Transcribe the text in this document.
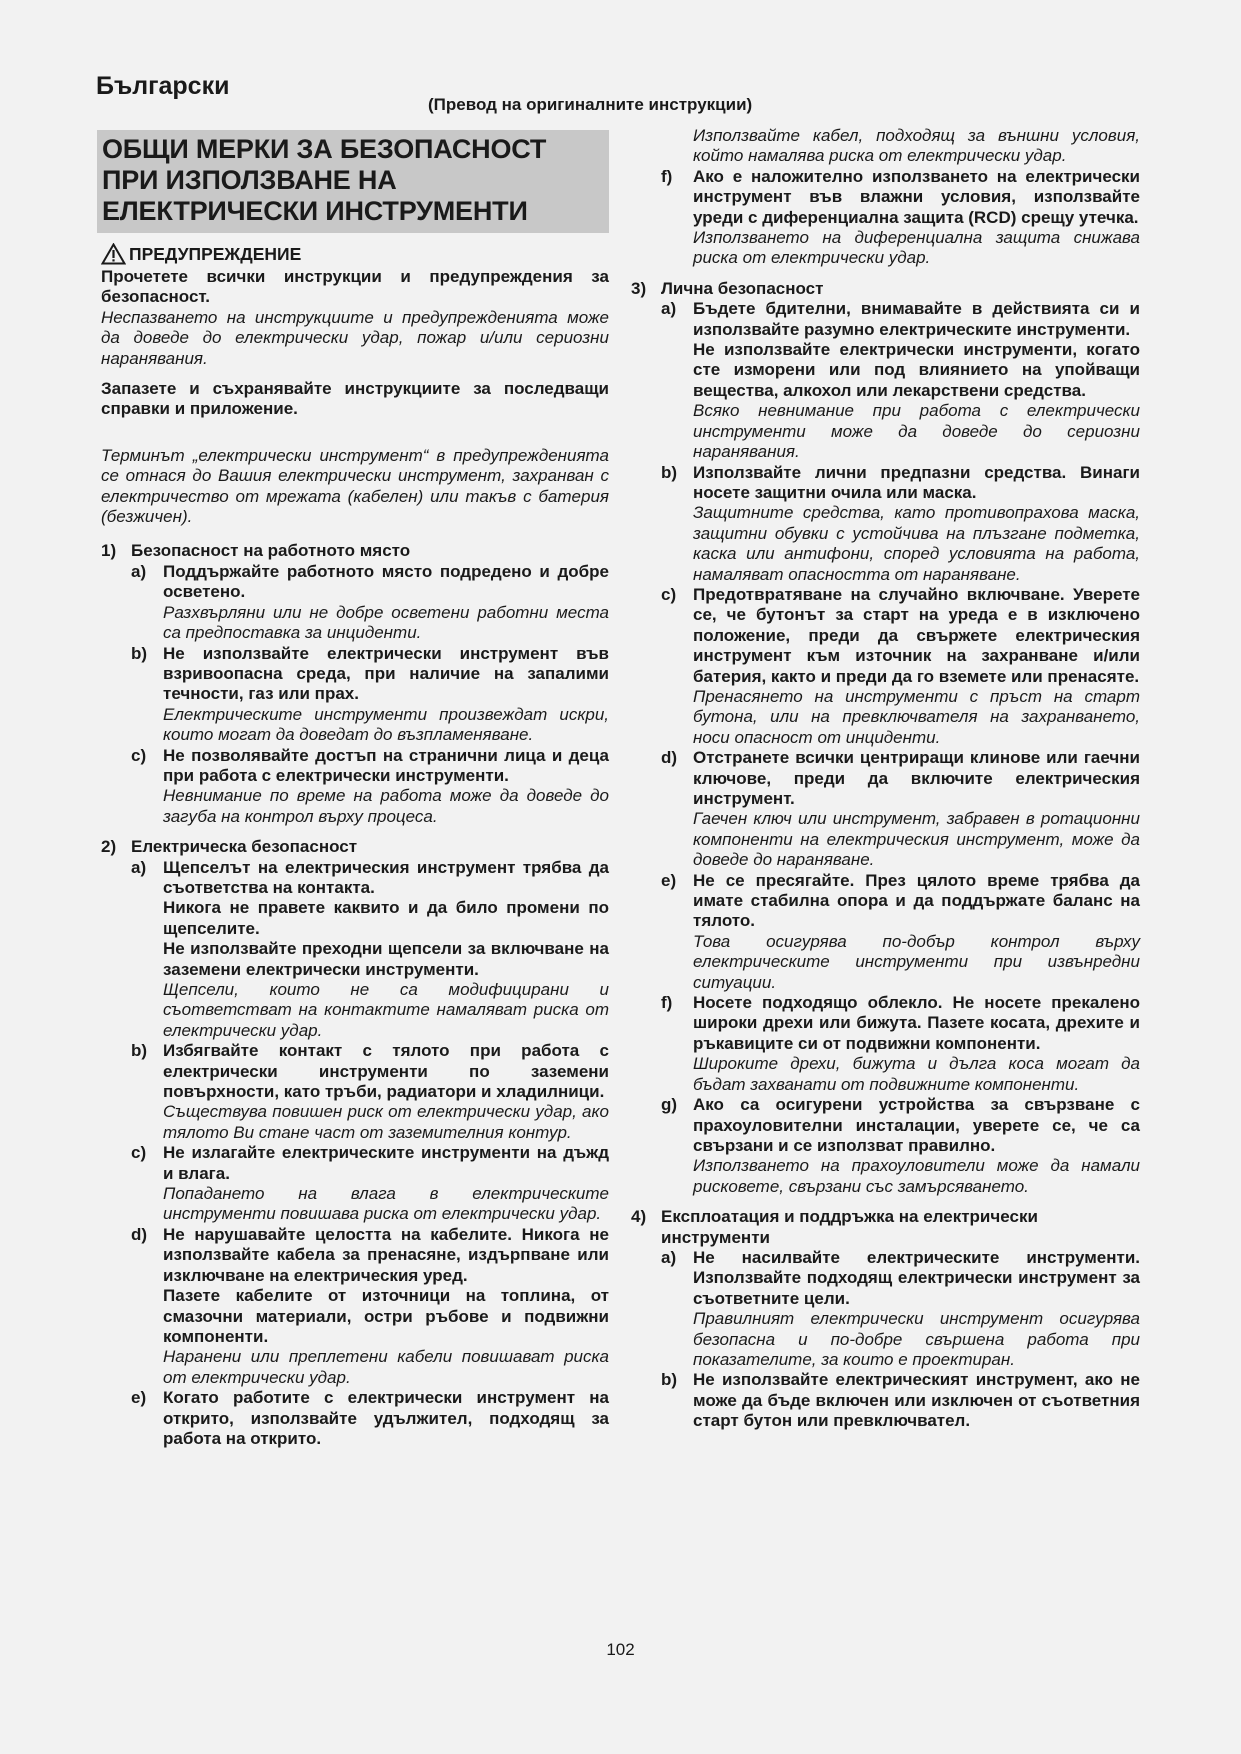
Български
(Превод на оригиналните инструкции)
ОБЩИ МЕРКИ ЗА БЕЗОПАСНОСТ ПРИ ИЗПОЛЗВАНЕ НА ЕЛЕКТРИЧЕСКИ ИНСТРУМЕНТИ
ПРЕДУПРЕЖДЕНИЕ

Прочетете всички инструкции и предупреждения за безопасност.

Неспазването на инструкциите и предупрежденията може да доведе до електрически удар, пожар и/или сериозни наранявания.

Запазете и съхранявайте инструкциите за последващи справки и приложение.

Терминът „електрически инструмент“ в предупрежденията се отнася до Вашия електрически инструмент, захранван с електричество от мрежата (кабелен) или такъв с батерия (безжичен).

1) Безопасност на работното място
a) Поддържайте работното място подредено и добре осветено.
Разхвърляни или не добре осветени работни места са предпоставка за инциденти.
b) Не използвайте електрически инструмент във взривоопасна среда, при наличие на запалими течности, газ или прах.
Електрическите инструменти произвеждат искри, които могат да доведат до възпламеняване.
c) Не позволявайте достъп на странични лица и деца при работа с електрически инструменти.
Невнимание по време на работа може да доведе до загуба на контрол върху процеса.
2) Електрическа безопасност
a) Щепселът на електрическия инструмент трябва да съответства на контакта.
Никога не правете каквито и да било промени по щепселите.
Не използвайте преходни щепсели за включване на заземени електрически инструменти.
Щепсели, които не са модифицирани и съответстват на контактите намаляват риска от електрически удар.
b) Избягвайте контакт с тялото при работа с електрически инструменти по заземени повърхности, като тръби, радиатори и хладилници.
Съществува повишен риск от електрически удар, ако тялото Ви стане част от заземителния контур.
c) Не излагайте електрическите инструменти на дъжд и влага.
Попадането на влага в електрическите инструменти повишава риска от електрически удар.
d) Не нарушавайте целостта на кабелите. Никога не използвайте кабела за пренасяне, издърпване или изключване на електрическия уред.
Пазете кабелите от източници на топлина, от смазочни материали, остри ръбове и подвижни компоненти.
Наранени или преплетени кабели повишават риска от електрически удар.
e) Когато работите с електрически инструмент на открито, използвайте удължител, подходящ за работа на открито.
Използвайте кабел, подходящ за външни условия, който намалява риска от електрически удар.
f) Ако е наложително използването на електрически инструмент във влажни условия, използвайте уреди с диференциална защита (RCD) срещу утечка.
Използването на диференциална защита снижава риска от електрически удар.
3) Лична безопасност
a) Бъдете бдителни, внимавайте в действията си и използвайте разумно електрическите инструменти.
Не използвайте електрически инструменти, когато сте изморени или под влиянието на упойващи вещества, алкохол или лекарствени средства.
Всяко невнимание при работа с електрически инструменти може да доведе до сериозни наранявания.
b) Използвайте лични предпазни средства. Винаги носете защитни очила или маска.
Защитните средства, като противопрахова маска, защитни обувки с устойчива на плъзгане подметка, каска или антифони, според условията на работа, намаляват опасността от нараняване.
c) Предотвратяване на случайно включване. Уверете се, че бутонът за старт на уреда е в изключено положение, преди да свържете електрическия инструмент към източник на захранване и/или батерия, както и преди да го вземете или пренасяте.
Пренасянето на инструменти с пръст на старт бутона, или на превключвателя на захранването, носи опасност от инциденти.
d) Отстранете всички центриращи клинове или гаечни ключове, преди да включите електрическия инструмент.
Гаечен ключ или инструмент, забравен в ротационни компоненти на електрическия инструмент, може да доведе до нараняване.
e) Не се пресягайте. През цялото време трябва да имате стабилна опора и да поддържате баланс на тялото.
Това осигурява по-добър контрол върху електрическите инструменти при извънредни ситуации.
f) Носете подходящо облекло. Не носете прекалено широки дрехи или бижута. Пазете косата, дрехите и ръкавиците си от подвижни компоненти.
Широките дрехи, бижута и дълга коса могат да бъдат захванати от подвижните компоненти.
g) Ако са осигурени устройства за свързване с прахоуловителни инсталации, уверете се, че са свързани и се използват правилно.
Използването на прахоуловители може да намали рисковете, свързани със замърсяването.
4) Експлоатация и поддръжка на електрически инструменти
a) Не насилвайте електрическите инструменти. Използвайте подходящ електрически инструмент за съответните цели.
Правилният електрически инструмент осигурява безопасна и по-добре свършена работа при показателите, за които е проектиран.
b) Не използвайте електрическият инструмент, ако не може да бъде включен или изключен от съответния старт бутон или превключвател.
102
